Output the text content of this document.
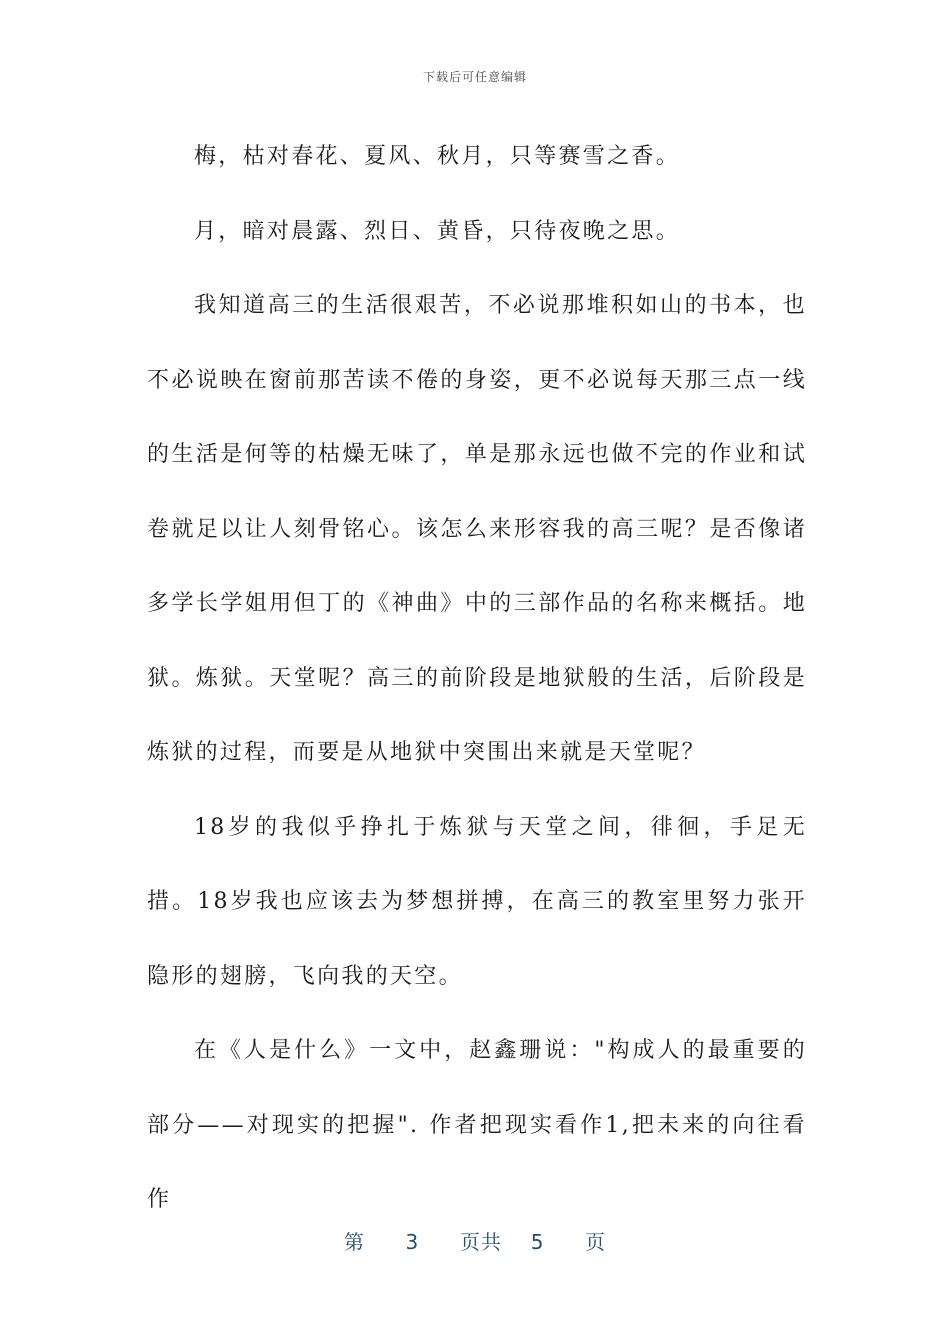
下载后可任意编辑

梅，枯对春花、夏风、秋月，只等赛雪之香。

月，暗对晨露、烈日、黄昏，只待夜晚之思。

我知道高三的生活很艰苦，不必说那堆积如山的书本，也不必说映在窗前那苦读不倦的身姿，更不必说每天那三点一线的生活是何等的枯燥无味了，单是那永远也做不完的作业和试卷就足以让人刻骨铭心。该怎么来形容我的高三呢？是否像诸多学长学姐用但丁的《神曲》中的三部作品的名称来概括。地狱。炼狱。天堂呢？高三的前阶段是地狱般的生活，后阶段是炼狱的过程，而要是从地狱中突围出来就是天堂呢？

18岁的我似乎挣扎于炼狱与天堂之间，徘徊，手足无措。18岁我也应该去为梦想拼搏，在高三的教室里努力张开隐形的翅膀，飞向我的天空。

在《人是什么》一文中，赵鑫珊说："构成人的最重要的部分——对现实的把握". 作者把现实看作1,把未来的向往看作

第 3 页共 5 页
